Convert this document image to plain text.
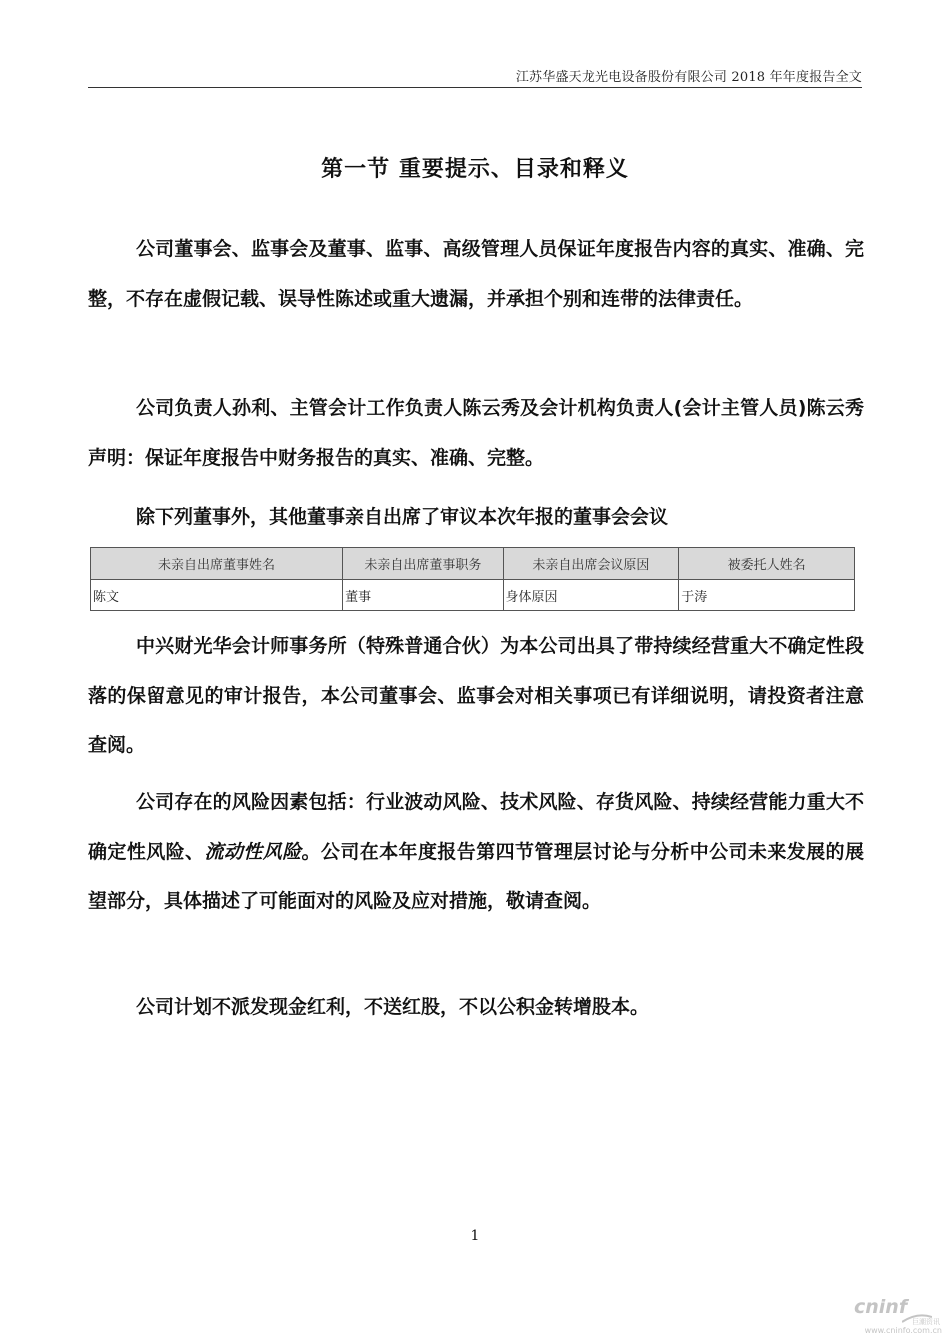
江苏华盛天龙光电设备股份有限公司 2018 年年度报告全文
第一节 重要提示、目录和释义

公司董事会、监事会及董事、监事、高级管理人员保证年度报告内容的真实、准确、完整，不存在虚假记载、误导性陈述或重大遗漏，并承担个别和连带的法律责任。

公司负责人孙利、主管会计工作负责人陈云秀及会计机构负责人(会计主管人员)陈云秀声明：保证年度报告中财务报告的真实、准确、完整。

除下列董事外，其他董事亲自出席了审议本次年报的董事会会议

未亲自出席董事姓名	未亲自出席董事职务	未亲自出席会议原因	被委托人姓名
陈文	董事	身体原因	于涛

中兴财光华会计师事务所（特殊普通合伙）为本公司出具了带持续经营重大不确定性段落的保留意见的审计报告，本公司董事会、监事会对相关事项已有详细说明，请投资者注意查阅。

公司存在的风险因素包括：行业波动风险、技术风险、存货风险、持续经营能力重大不确定性风险、流动性风险。公司在本年度报告第四节管理层讨论与分析中公司未来发展的展望部分，具体描述了可能面对的风险及应对措施，敬请查阅。

公司计划不派发现金红利，不送红股，不以公积金转增股本。

1
cninf
巨潮资讯
www.cninfo.com.cn
